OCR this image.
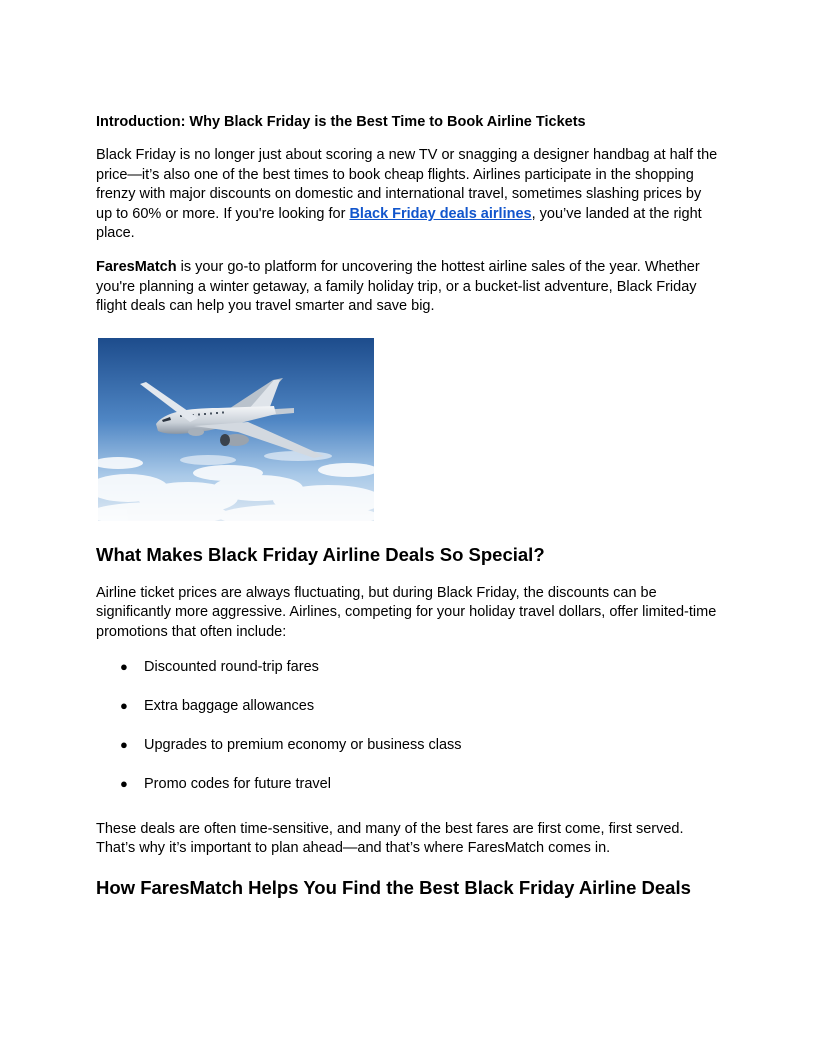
Introduction: Why Black Friday is the Best Time to Book Airline Tickets

Black Friday is no longer just about scoring a new TV or snagging a designer handbag at half the price—it’s also one of the best times to book cheap flights. Airlines participate in the shopping frenzy with major discounts on domestic and international travel, sometimes slashing prices by up to 60% or more. If you're looking for Black Friday deals airlines, you’ve landed at the right place.

FaresMatch is your go-to platform for uncovering the hottest airline sales of the year. Whether you're planning a winter getaway, a family holiday trip, or a bucket-list adventure, Black Friday flight deals can help you travel smarter and save big.

What Makes Black Friday Airline Deals So Special?

Airline ticket prices are always fluctuating, but during Black Friday, the discounts can be significantly more aggressive. Airlines, competing for your holiday travel dollars, offer limited-time promotions that often include:

● Discounted round-trip fares
● Extra baggage allowances
● Upgrades to premium economy or business class
● Promo codes for future travel

These deals are often time-sensitive, and many of the best fares are first come, first served. That’s why it’s important to plan ahead—and that’s where FaresMatch comes in.

How FaresMatch Helps You Find the Best Black Friday Airline Deals
